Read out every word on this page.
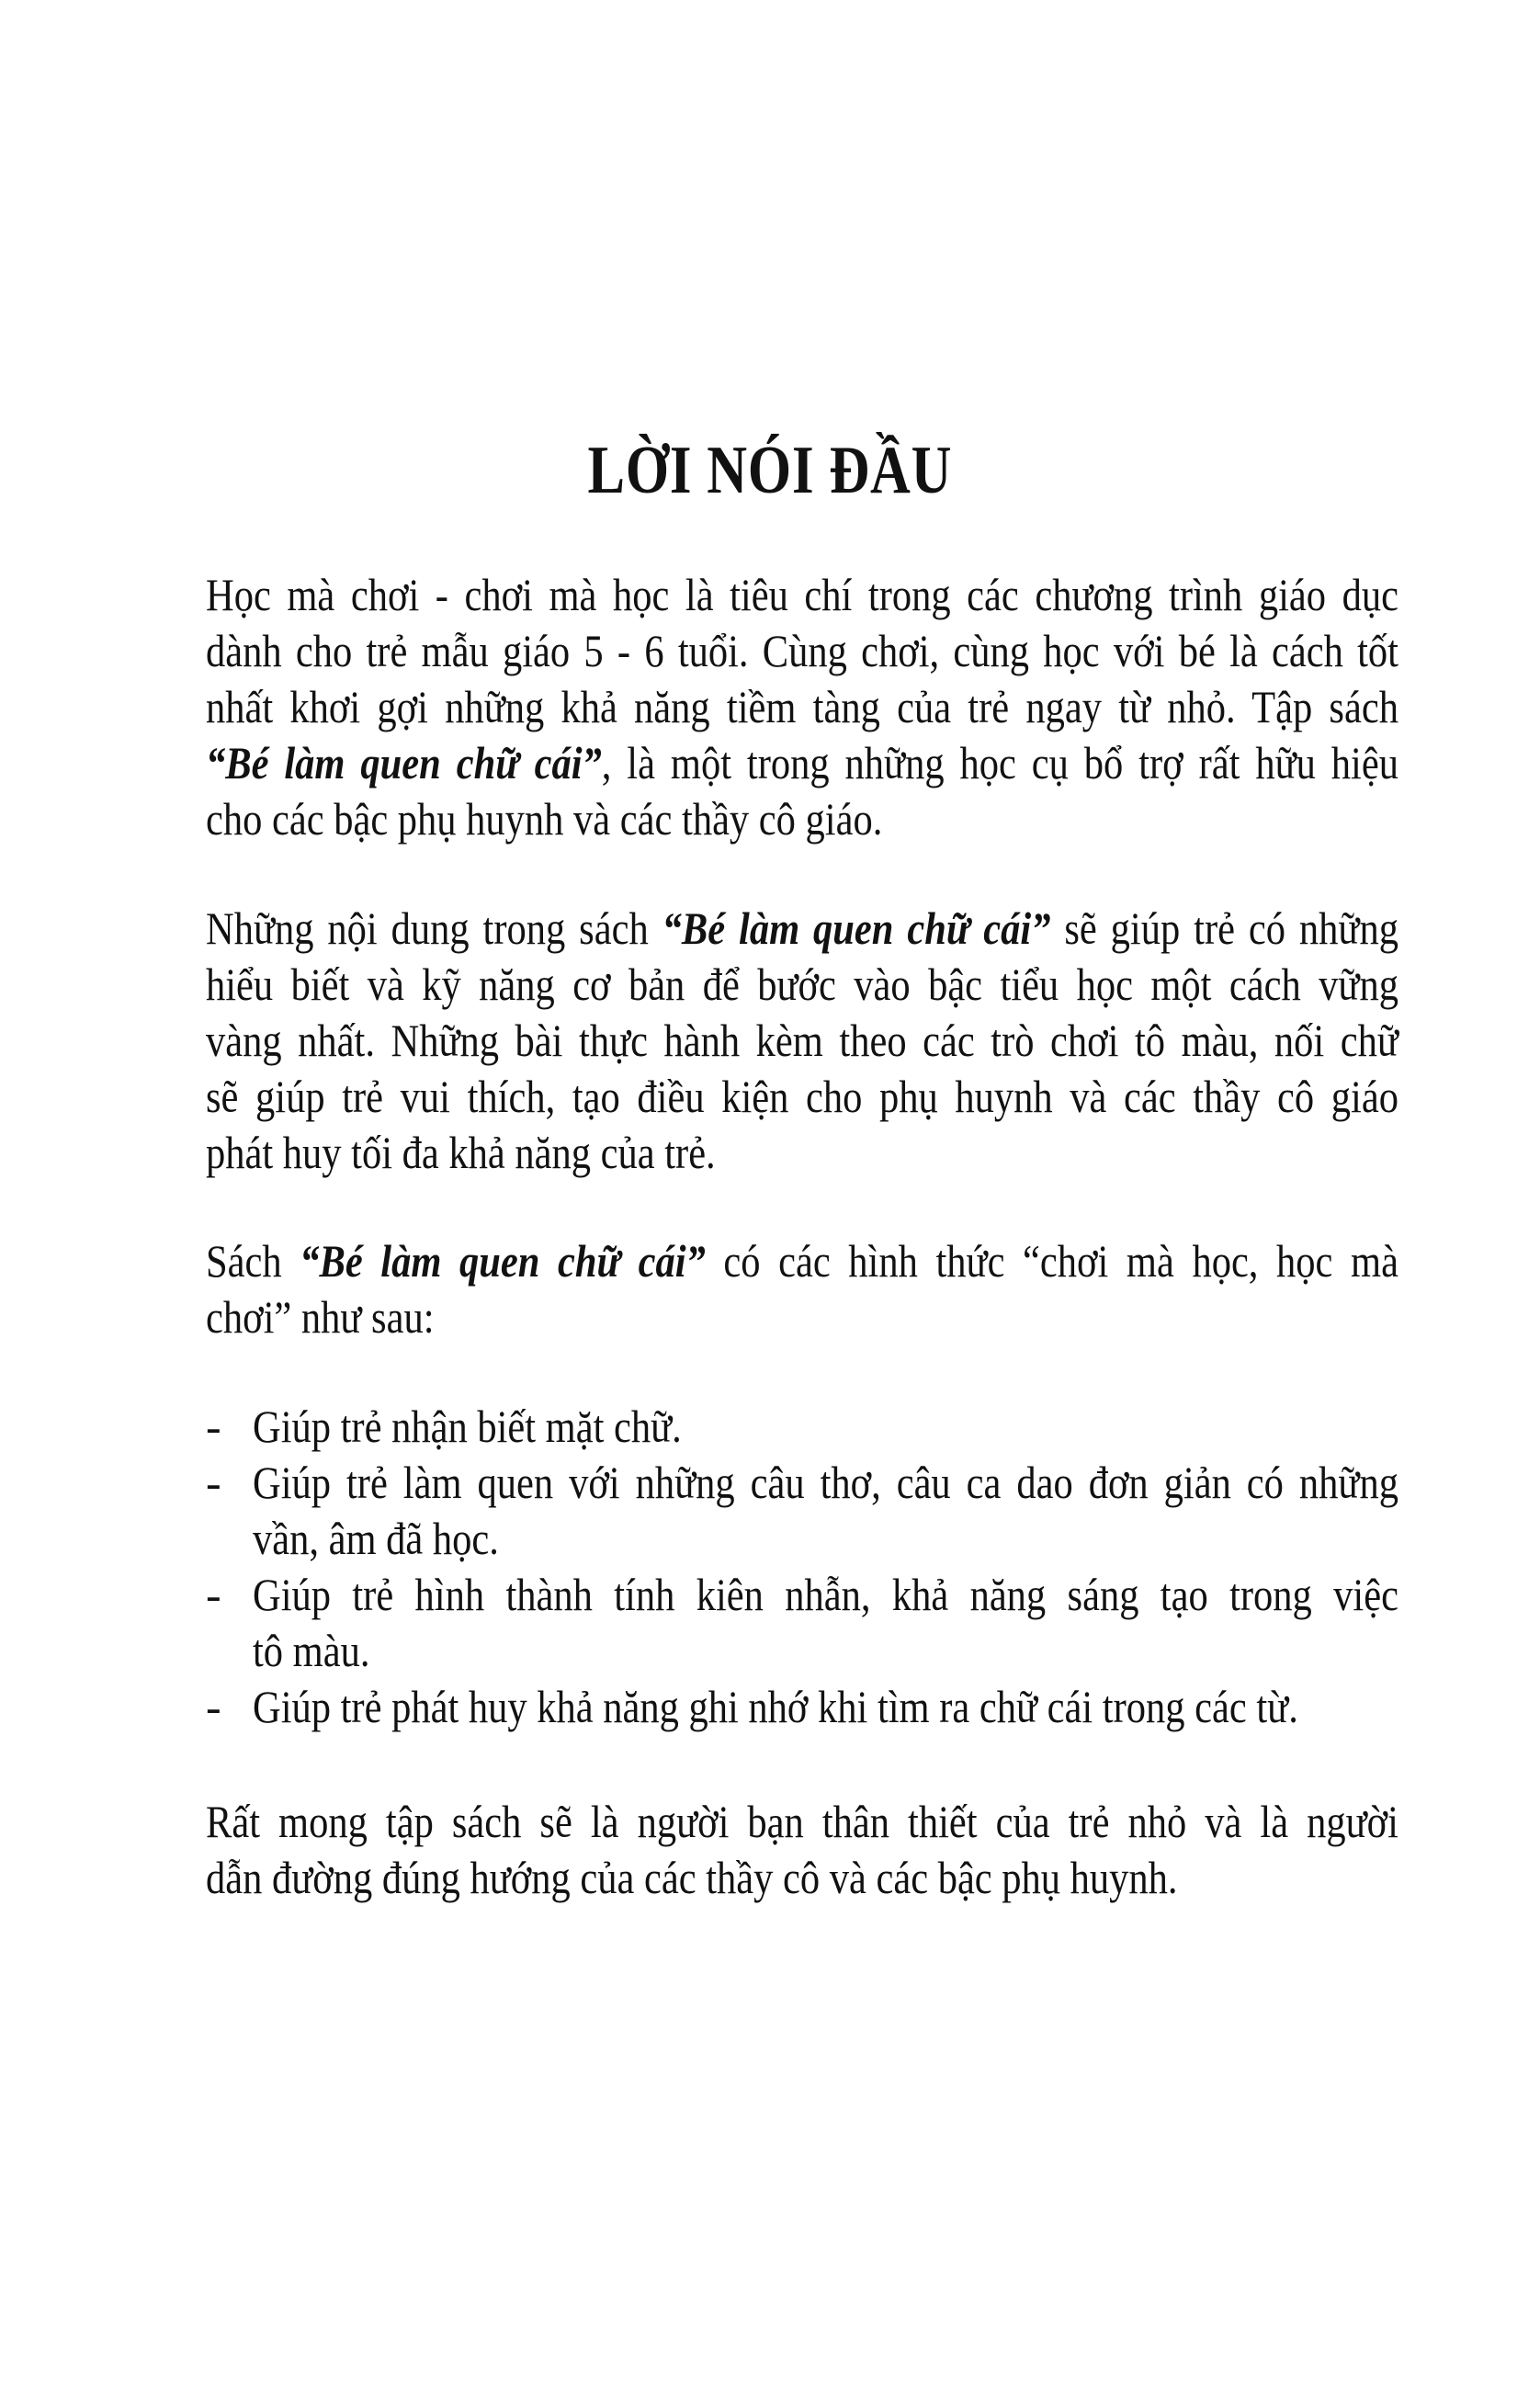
LỜI NÓI ĐẦU
Học mà chơi - chơi mà học là tiêu chí trong các chương trình giáo dục
dành cho trẻ mẫu giáo 5 - 6 tuổi. Cùng chơi, cùng học với bé là cách tốt
nhất khơi gợi những khả năng tiềm tàng của trẻ ngay từ nhỏ. Tập sách
“Bé làm quen chữ cái”, là một trong những học cụ bổ trợ rất hữu hiệu
cho các bậc phụ huynh và các thầy cô giáo.
Những nội dung trong sách “Bé làm quen chữ cái” sẽ giúp trẻ có những
hiểu biết và kỹ năng cơ bản để bước vào bậc tiểu học một cách vững
vàng nhất. Những bài thực hành kèm theo các trò chơi tô màu, nối chữ
sẽ giúp trẻ vui thích, tạo điều kiện cho phụ huynh và các thầy cô giáo
phát huy tối đa khả năng của trẻ.
Sách “Bé làm quen chữ cái” có các hình thức “chơi mà học, học mà
chơi” như sau:
- Giúp trẻ nhận biết mặt chữ.
- Giúp trẻ làm quen với những câu thơ, câu ca dao đơn giản có những
vần, âm đã học.
- Giúp trẻ hình thành tính kiên nhẫn, khả năng sáng tạo trong việc
tô màu.
- Giúp trẻ phát huy khả năng ghi nhớ khi tìm ra chữ cái trong các từ.
Rất mong tập sách sẽ là người bạn thân thiết của trẻ nhỏ và là người
dẫn đường đúng hướng của các thầy cô và các bậc phụ huynh.
